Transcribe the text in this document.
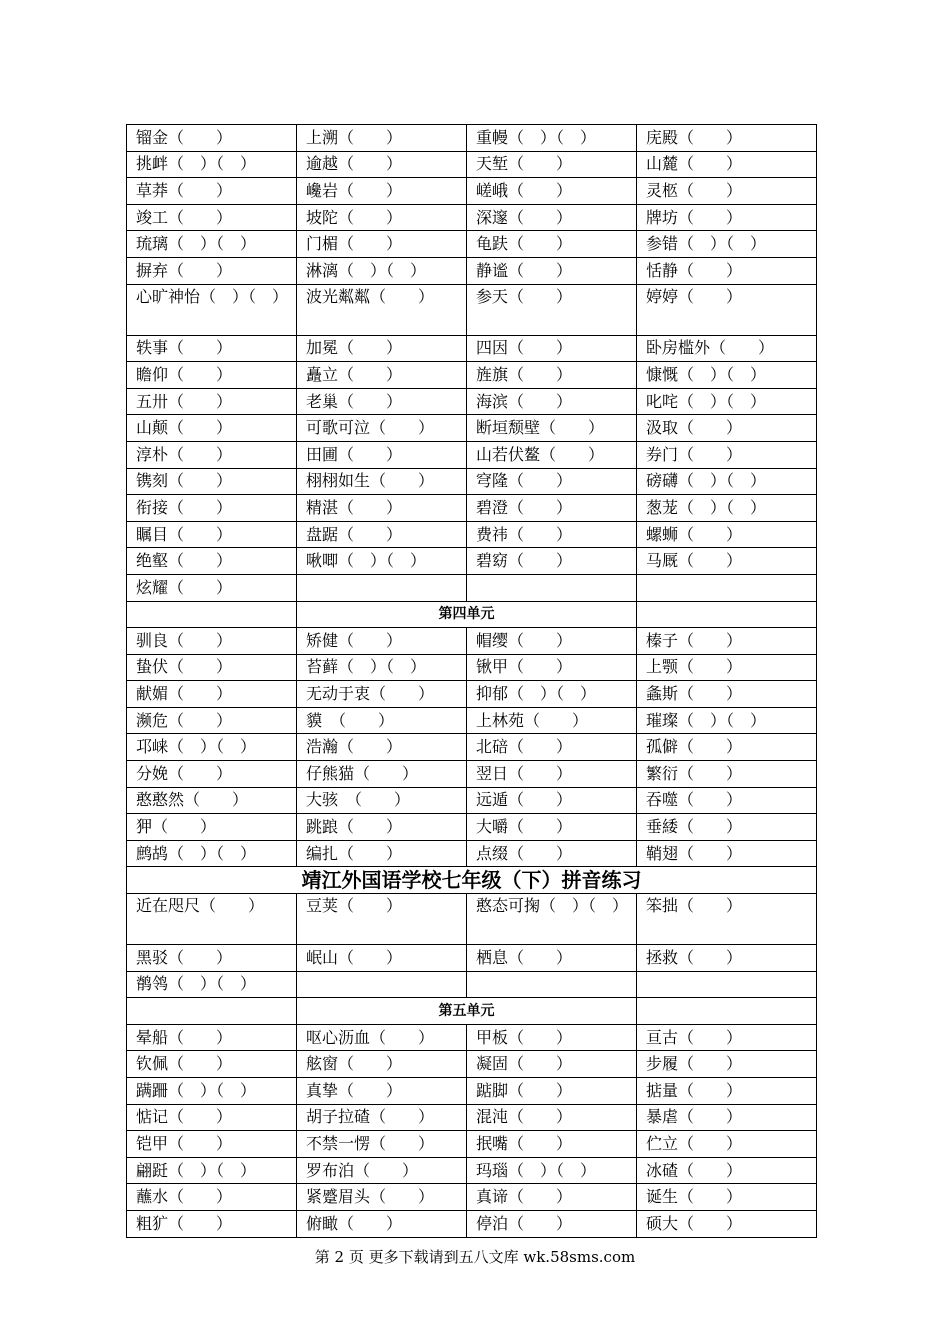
镏金（　　）	上溯（　　）	重幔（　）（　）	庑殿（　　）
挑衅（　）（　）	逾越（　　）	天堑（　　）	山麓（　　）
草莽（　　）	巉岩（　　）	嵯峨（　　）	灵柩（　　）
竣工（　　）	坡陀（　　）	深邃（　　）	牌坊（　　）
琉璃（　）（　）	门楣（　　）	龟趺（　　）	参错（　）（　）
摒弃（　　）	淋漓（　）（　）	静谧（　　）	恬静（　　）
心旷神怡（　）（　）	波光粼粼（　　）	参天（　　）	婷婷（　　）
轶事（　　）	加冕（　　）	四因（　　）	卧房槛外（　　）
瞻仰（　　）	矗立（　　）	旌旗（　　）	慷慨（　）（　）
五卅（　　）	老巢（　　）	海滨（　　）	叱咤（　）（　）
山颠（　　）	可歌可泣（　　）	断垣颓壁（　　）	汲取（　　）
淳朴（　　）	田圃（　　）	山若伏鳌（　　）	券门（　　）
镌刻（　　）	栩栩如生（　　）	穹隆（　　）	磅礴（　）（　）
衔接（　　）	精湛（　　）	碧澄（　　）	葱茏（　）（　）
瞩目（　　）	盘踞（　　）	费祎（　　）	螺蛳（　　）
绝壑（　　）	啾唧（　）（　）	碧窈（　　）	马厩（　　）
炫耀（　　）			
	第四单元		
驯良（　　）	矫健（　　）	帽缨（　　）	榛子（　　）
蛰伏（　　）	苔藓（　）（　）	锹甲（　　）	上颚（　　）
献媚（　　）	无动于衷（　　）	抑郁（　）（　）	螽斯（　　）
濒危（　　）	貘　（　　）	上林苑（　　）	璀璨（　）（　）
邛崃（　）（　）	浩瀚（　　）	北碚（　　）	孤僻（　　）
分娩（　　）	仔熊猫（　　）	翌日（　　）	繁衍（　　）
憨憨然（　　）	大骇　（　　）	远遁（　　）	吞噬（　　）
狎（　　）	跳踉（　　）	大嚼（　　）	垂緌（　　）
鹧鸪（　）（　）	编扎（　　）	点缀（　　）	鞘翅（　　）
靖江外国语学校七年级（下）拼音练习			
近在咫尺（　　）	豆荚（　　）	憨态可掬（　）（　）	笨拙（　　）
黑驳（　　）	岷山（　　）	栖息（　　）	拯救（　　）
鹡鸰（　）（　）			
	第五单元		
晕船（　　）	呕心沥血（　　）	甲板（　　）	亘古（　　）
钦佩（　　）	舷窗（　　）	凝固（　　）	步履（　　）
蹒跚（　）（　）	真挚（　　）	踮脚（　　）	掂量（　　）
惦记（　　）	胡子拉碴（　　）	混沌（　　）	暴虐（　　）
铠甲（　　）	不禁一愣（　　）	抿嘴（　　）	伫立（　　）
翩跹（　）（　）	罗布泊（　　）	玛瑙（　）（　）	冰碴（　　）
蘸水（　　）	紧蹙眉头（　　）	真谛（　　）	诞生（　　）
粗犷（　　）	俯瞰（　　）	停泊（　　）	硕大（　　）
第 2 页 更多下载请到五八文库 wk.58sms.com
